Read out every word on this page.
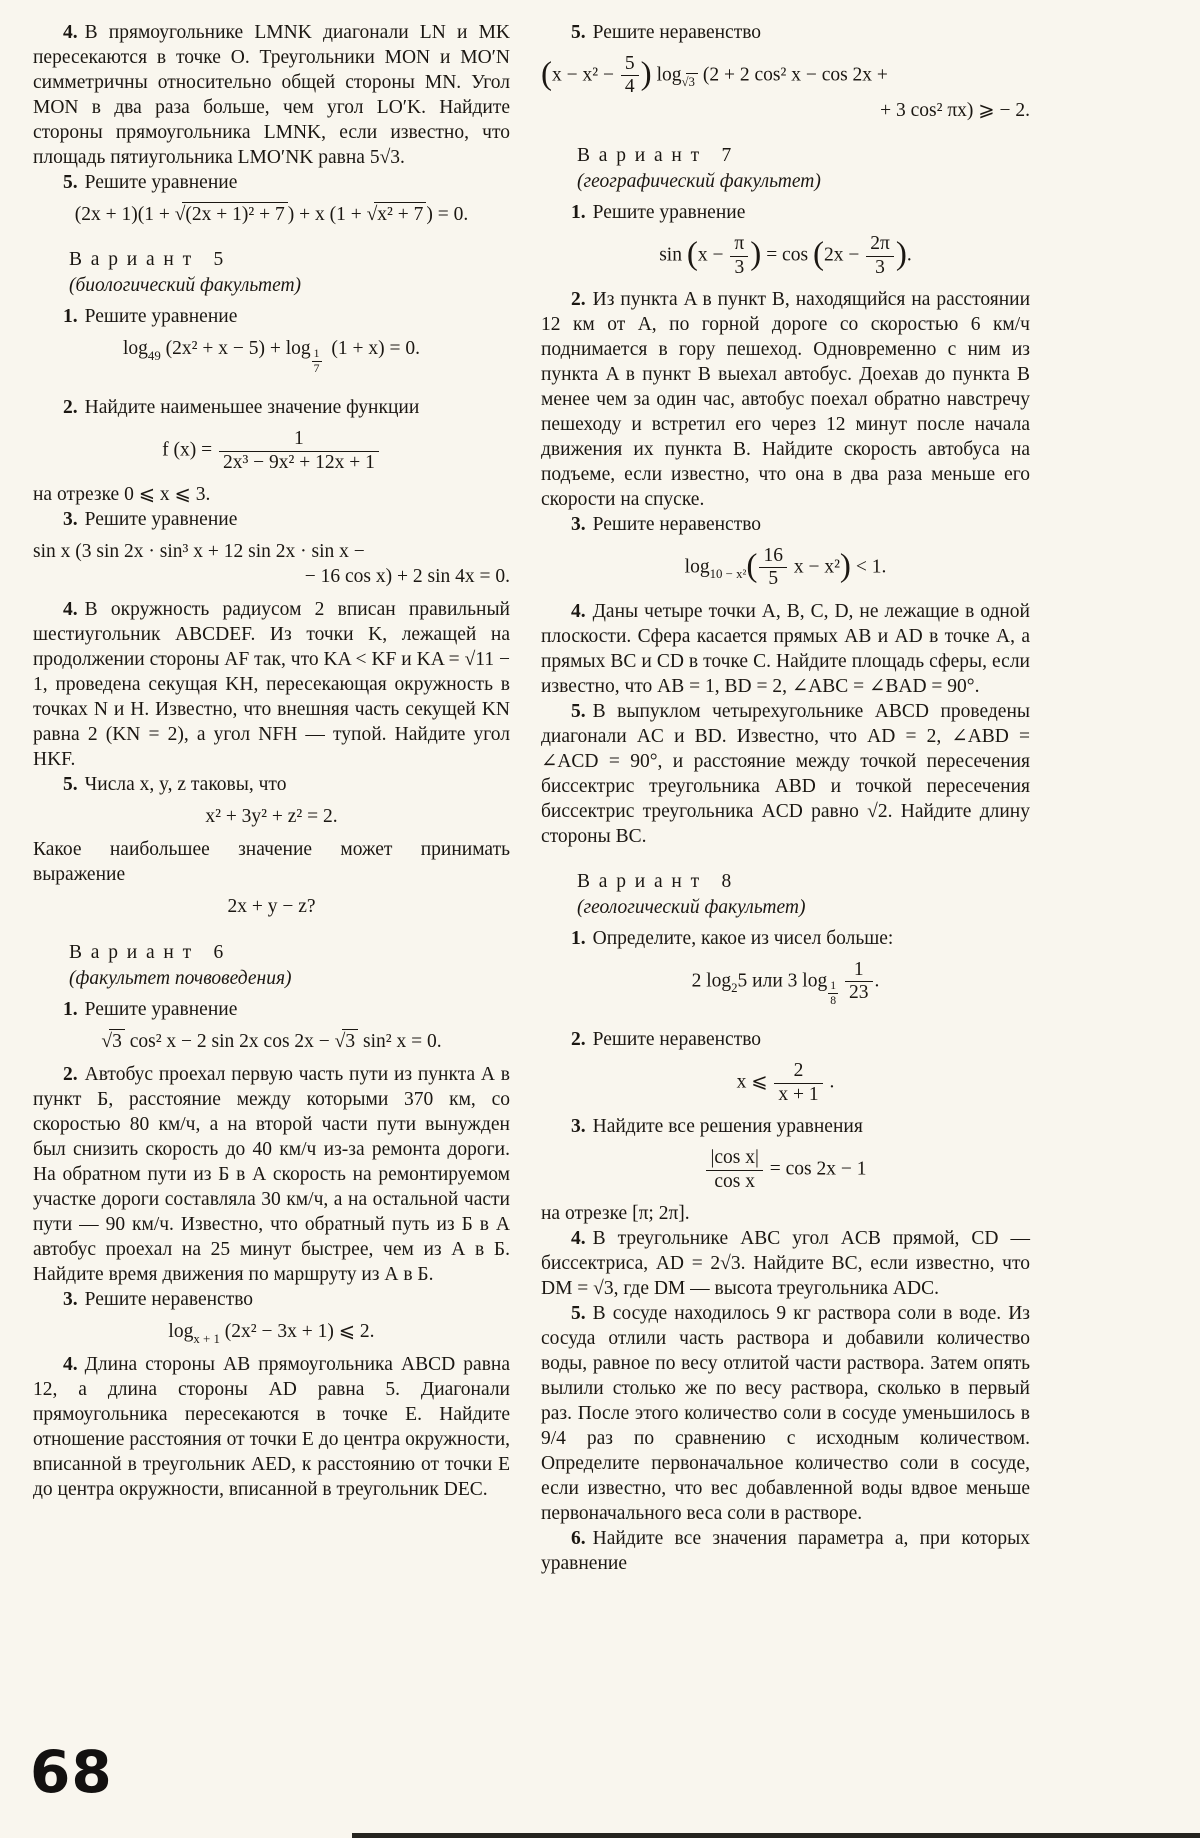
4. В прямоугольнике LMNK диагонали LN и MK пересекаются в точке O. Треугольники MON и MO′N симметричны относительно общей стороны MN. Угол MON в два раза больше, чем угол LO′K. Найдите стороны прямоугольника LMNK, если известно, что площадь пятиугольника LMO′NK равна 5√3.

5. Решите уравнение

(2x + 1)(1 + √(2x + 1)² + 7 ) + x (1 + √x² + 7 ) = 0.
Вариант 5
(биологический факультет)

1. Решите уравнение

$\log_{49} (2x^2 + x - 5) + \log \frac{1}{7} (1 + x) = 0$.

2. Найдите наименьшее значение функции

f $(x) = \frac{1}{\text{2x³ − 9x² + 12x + 1}}$

на отрезке 0 ⩽ x ⩽ 3.

3. Решите уравнение

sin x (3 sin 2x · sin³ x + 12 sin 2x · sin x −
− 16 cos x) + 2 sin 4x = 0.

4. В окружность радиусом 2 вписан правильный шестиугольник ABCDEF. Из точки K, лежащей на продолжении стороны AF так, что KA < KF и KA = √11 − 1, проведена секущая KH, пересекающая окружность в точках N и H. Известно, что внешняя часть секущей KN равна 2 (KN = 2), а угол NFH — тупой. Найдите угол HKF.

5. Числа x, y, z таковы, что

x² + 3y² + z² = 2.

Какое наибольшее значение может принимать выражение

2x + y − z?
Вариант 6
(факультет почвоведения)

1. Решите уравнение

√3 cos² x − 2 sin 2x cos 2x − √3 sin² x = 0.

2. Автобус проехал первую часть пути из пункта А в пункт Б, расстояние между которыми 370 км, со скоростью 80 км/ч, а на второй части пути вынужден был снизить скорость до 40 км/ч из-за ремонта дороги. На обратном пути из Б в А скорость на ремонтируемом участке дороги составляла 30 км/ч, а на остальной части пути — 90 км/ч. Известно, что обратный путь из Б в А автобус проехал на 25 минут быстрее, чем из А в Б. Найдите время движения по маршруту из А в Б.

3. Решите неравенство

$\log_{x + 1} (2x^2 - 3x + 1)$ ⩽ 2.

4. Длина стороны AB прямоугольника ABCD равна 12, а длина стороны AD равна 5. Диагонали прямоугольника пересекаются в точке E. Найдите отношение расстояния от точки E до центра окружности, вписанной в треугольник AED, к расстоянию от точки E до центра окружности, вписанной в треугольник DEC.

5. Решите неравенство

($x - x^2 - \frac{5}{4}$ ) $\log_{√3} (2 + 2$ cos² x − cos 2x +
+ 3 cos² πx) ⩾ − 2.
Вариант 7
(географический факультет)

1. Решите уравнение

$\sin (x - \frac{\pi}{3}$ ) = $\cos (2x - \frac{2\pi}{3}$ ).

2. Из пункта A в пункт B, находящийся на расстоянии 12 км от A, по горной дороге со скоростью 6 км/ч поднимается в гору пешеход. Одновременно с ним из пункта A в пункт B выехал автобус. Доехав до пункта B менее чем за один час, автобус поехал обратно навстречу пешеходу и встретил его через 12 минут после начала движения их пункта B. Найдите скорость автобуса на подъеме, если известно, что она в два раза меньше его скорости на спуске.

3. Решите неравенство

$\log_{10 - x^2}( \frac{16}{5}$ x − x²) < 1.

4. Даны четыре точки A, B, C, D, не лежащие в одной плоскости. Сфера касается прямых AB и AD в точке A, а прямых BC и CD в точке C. Найдите площадь сферы, если известно, что AB = 1, BD = 2, ∠ABC = ∠BAD = 90°.

5. В выпуклом четырехугольнике ABCD проведены диагонали AC и BD. Известно, что AD = 2, ∠ABD = ∠ACD = 90°, и расстояние между точкой пересечения биссектрис треугольника ABD и точкой пересечения биссектрис треугольника ACD равно √2. Найдите длину стороны BC.

Вариант 8
(геологический факультет)

1. Определите, какое из чисел больше:

2 $\log_25$ или 3 $\log \frac{1}{8} \frac{1}{23}$ .

2. Решите неравенство

x ⩽ $\frac{2}{x + 1}$ .

3. Найдите все решения уравнения

$\frac{\text{|cos x|}}{\text{cos x}} = \cos 2x - 1$

на отрезке [π; 2π].

4. В треугольнике ABC угол ACB прямой, CD — биссектриса, AD = 2√3. Найдите BC, если известно, что DM = √3, где DM — высота треугольника ADC.

5. В сосуде находилось 9 кг раствора соли в воде. Из сосуда отлили часть раствора и добавили количество воды, равное по весу отлитой части раствора. Затем опять вылили столько же по весу раствора, сколько в первый раз. После этого количество соли в сосуде уменьшилось в 9/4 раз по сравнению с исходным количеством. Определите первоначальное количество соли в сосуде, если известно, что вес добавленной воды вдвое меньше первоначального веса соли в растворе.

6. Найдите все значения параметра a, при которых уравнение

68
